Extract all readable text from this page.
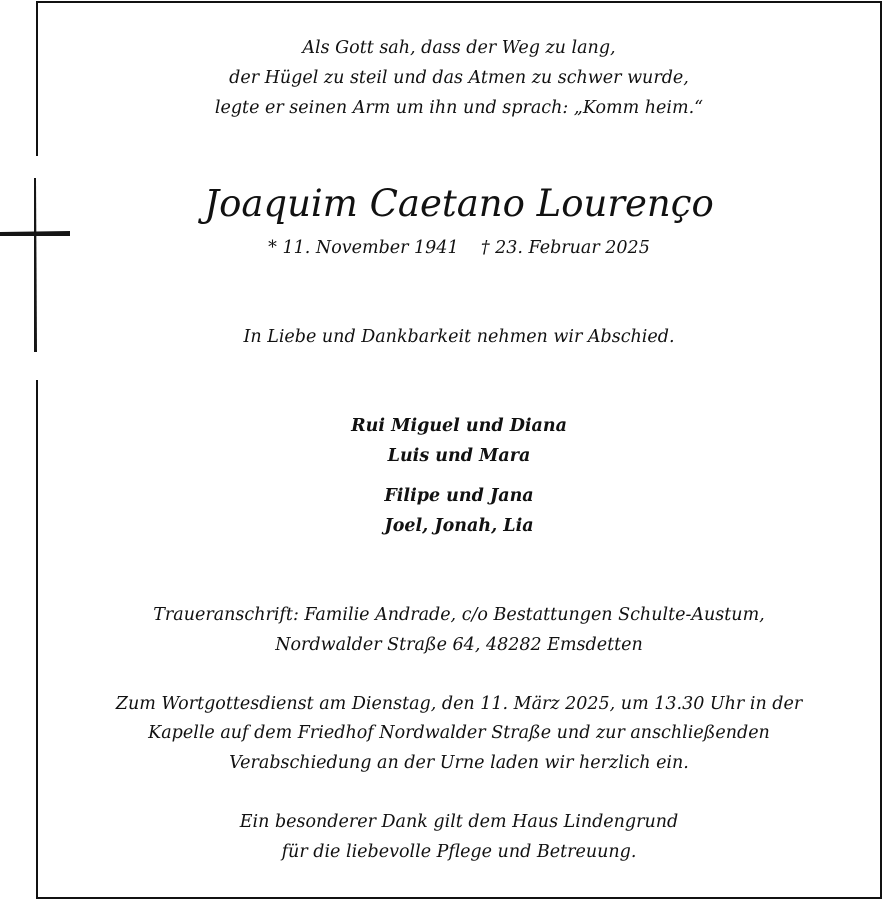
Als Gott sah, dass der Weg zu lang,
der Hügel zu steil und das Atmen zu schwer wurde,
legte er seinen Arm um ihn und sprach: „Komm heim.“
Joaquim Caetano Lourenço
* 11. November 1941    † 23. Februar 2025
In Liebe und Dankbarkeit nehmen wir Abschied.
Rui Miguel und Diana
Luis und Mara
Filipe und Jana
Joel, Jonah, Lia
Traueranschrift: Familie Andrade, c/o Bestattungen Schulte-Austum,
Nordwalder Straße 64, 48282 Emsdetten
Zum Wortgottesdienst am Dienstag, den 11. März 2025, um 13.30 Uhr in der
Kapelle auf dem Friedhof Nordwalder Straße und zur anschließenden
Verabschiedung an der Urne laden wir herzlich ein.
Ein besonderer Dank gilt dem Haus Lindengrund
für die liebevolle Pflege und Betreuung.
